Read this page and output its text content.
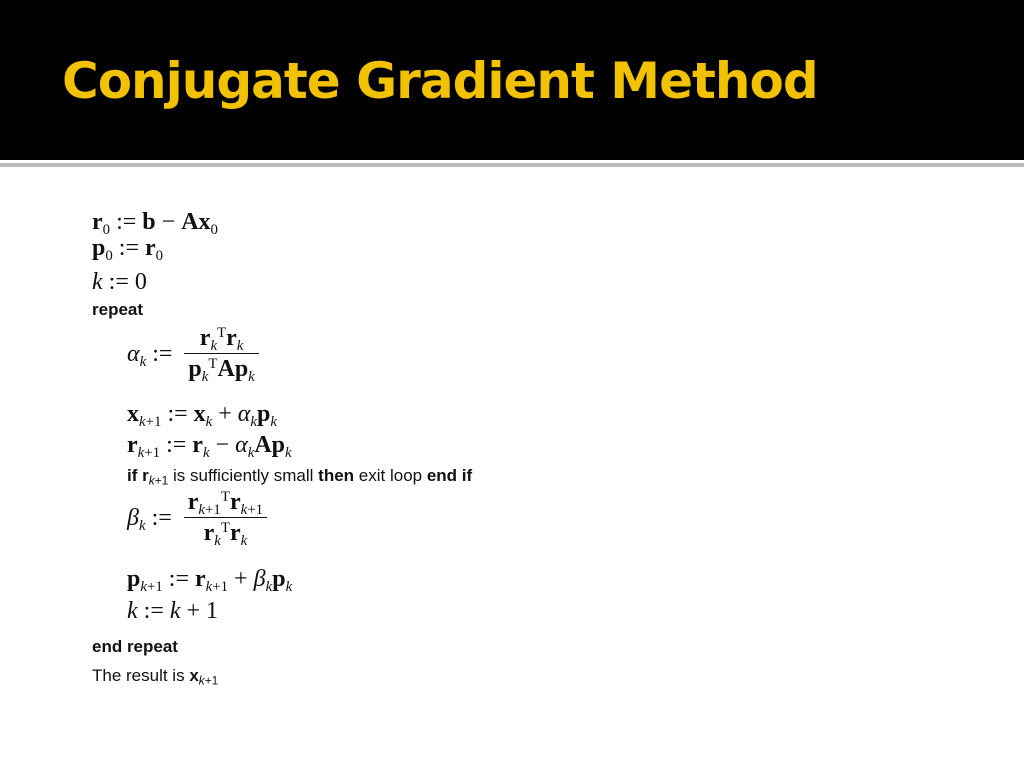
Conjugate Gradient Method
$r_0$ := $b - Ax_0$
$p_0$ := $r_0$
k := 0
repeat
$\alpha_k$ := $\frac{r_k^Tr_k}{p_k^TAp_k}$
$x_{k+1}$ := $x_k + \alpha_kp_k$
$r_{k+1}$ := $r_k - \alpha_kAp_k$
if $r_{k+1}$ is sufficiently small then exit loop end if
$\beta_k$ := $\frac{r_{k+1}^Tr_{k+1}}{r_k^Tr_k}$
$p_{k+1}$ := $r_{k+1} + \beta_kp_k$
k := k + 1
end repeat
The result is $x_{k+1}$
